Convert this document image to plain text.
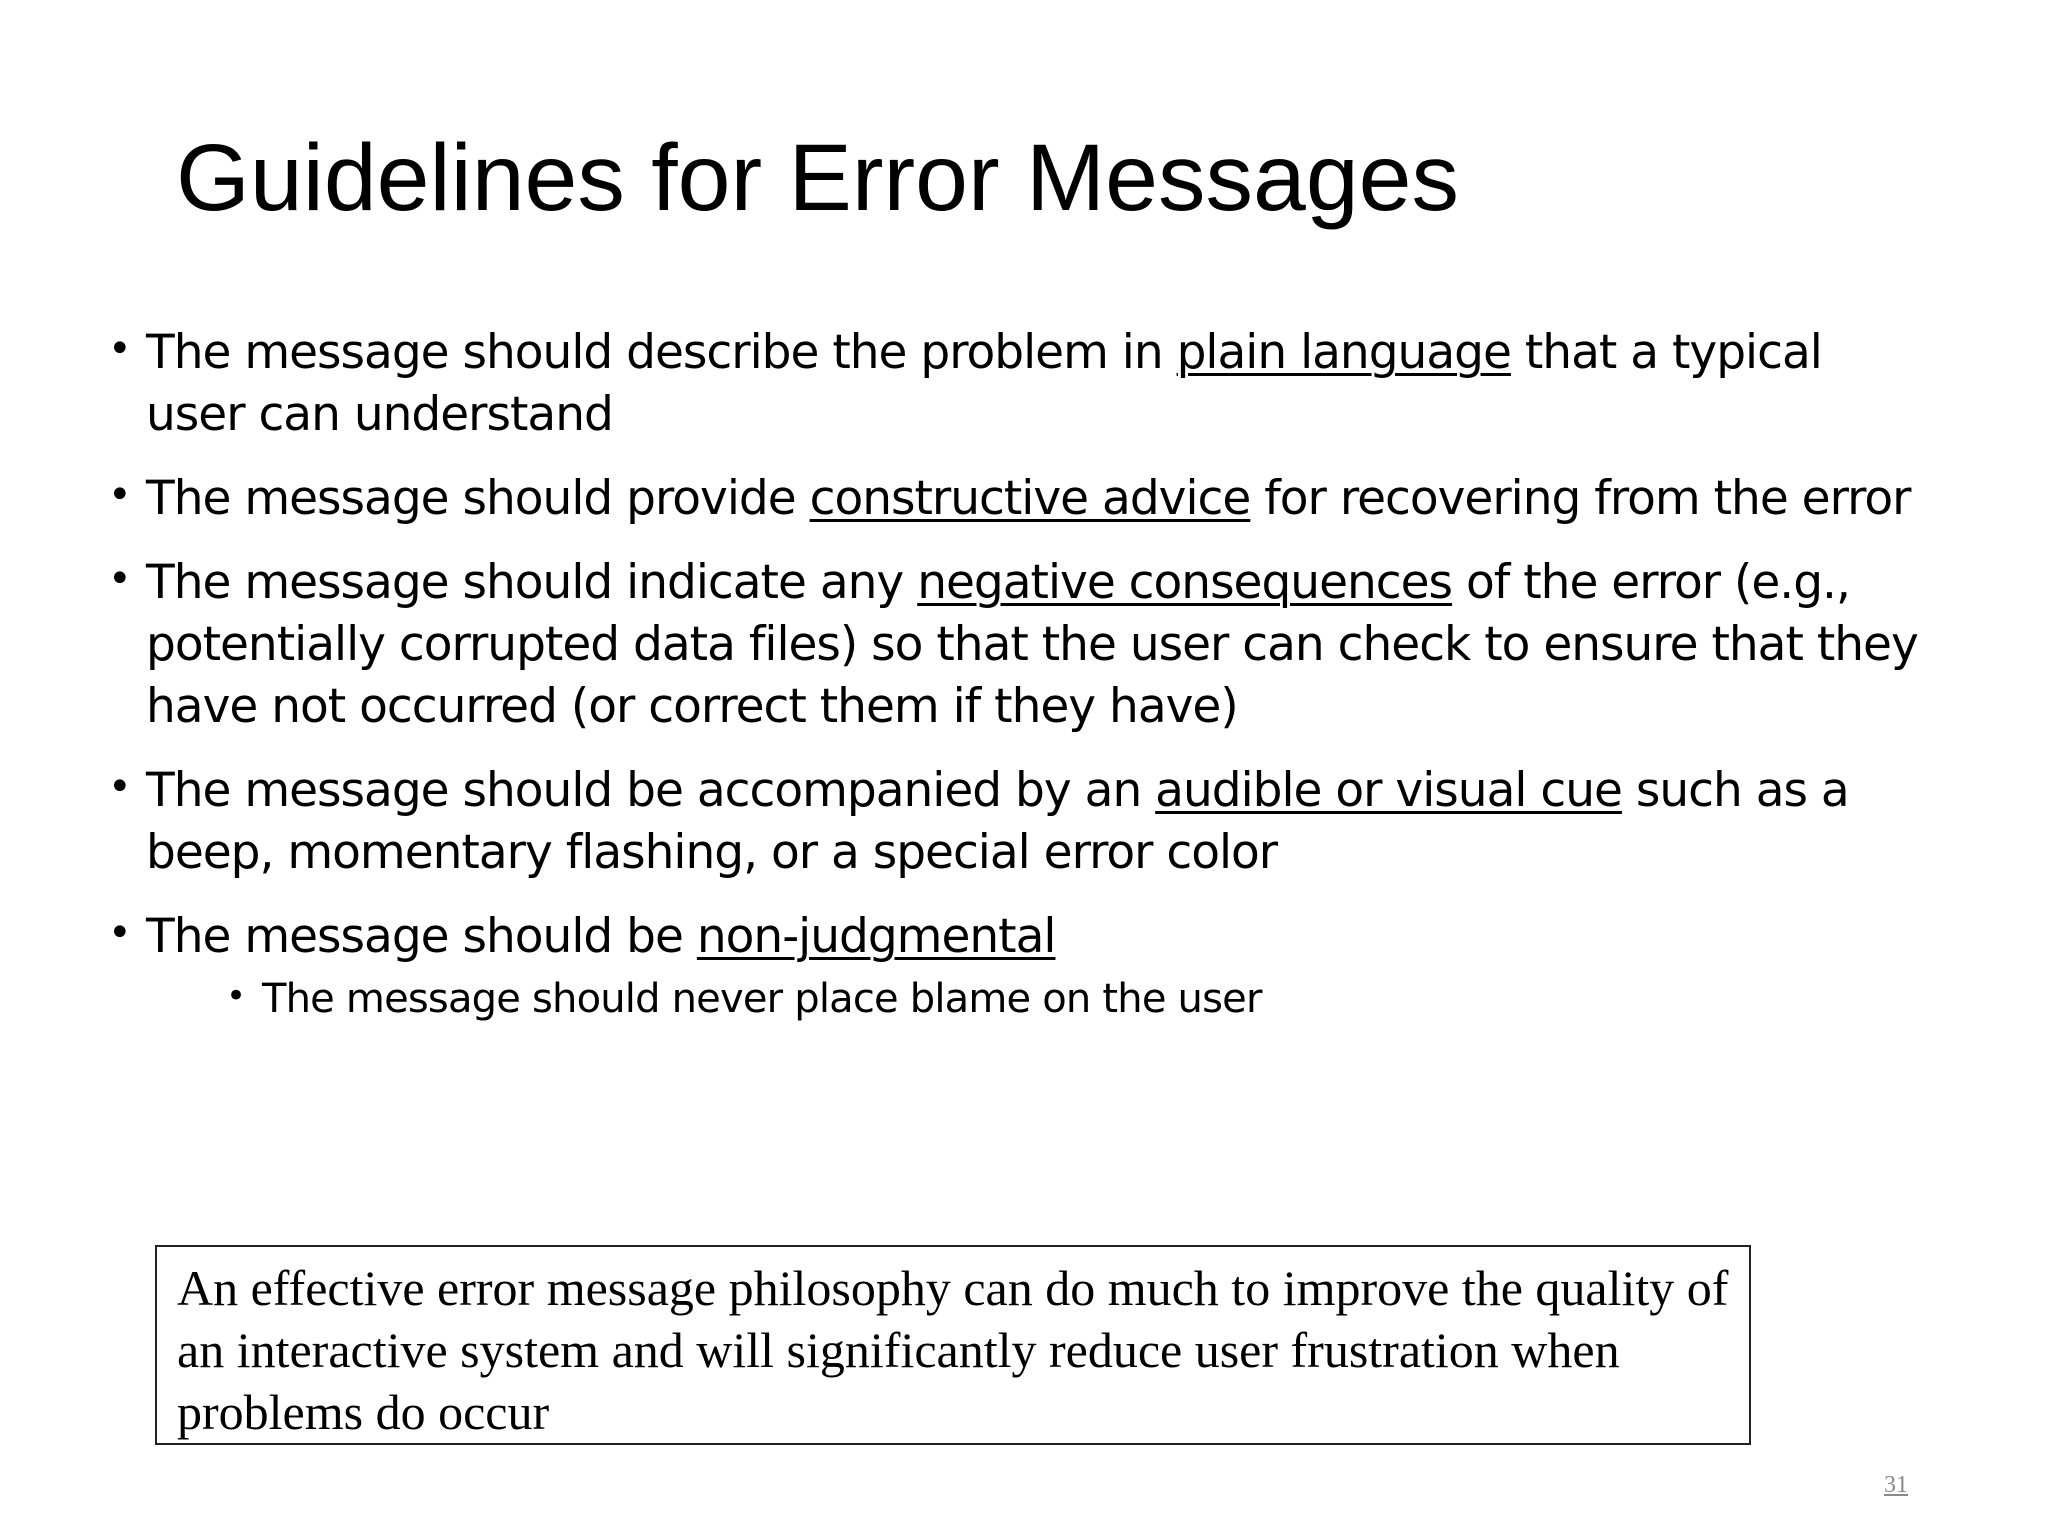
Guidelines for Error Messages
• The message should describe the problem in plain language that a typical user can understand
• The message should provide constructive advice for recovering from the error
• The message should indicate any negative consequences of the error (e.g., potentially corrupted data files) so that the user can check to ensure that they have not occurred (or correct them if they have)
• The message should be accompanied by an audible or visual cue such as a beep, momentary flashing, or a special error color
• The message should be non-judgmental
• The message should never place blame on the user
An effective error message philosophy can do much to improve the quality of an interactive system and will significantly reduce user frustration when problems do occur
31
